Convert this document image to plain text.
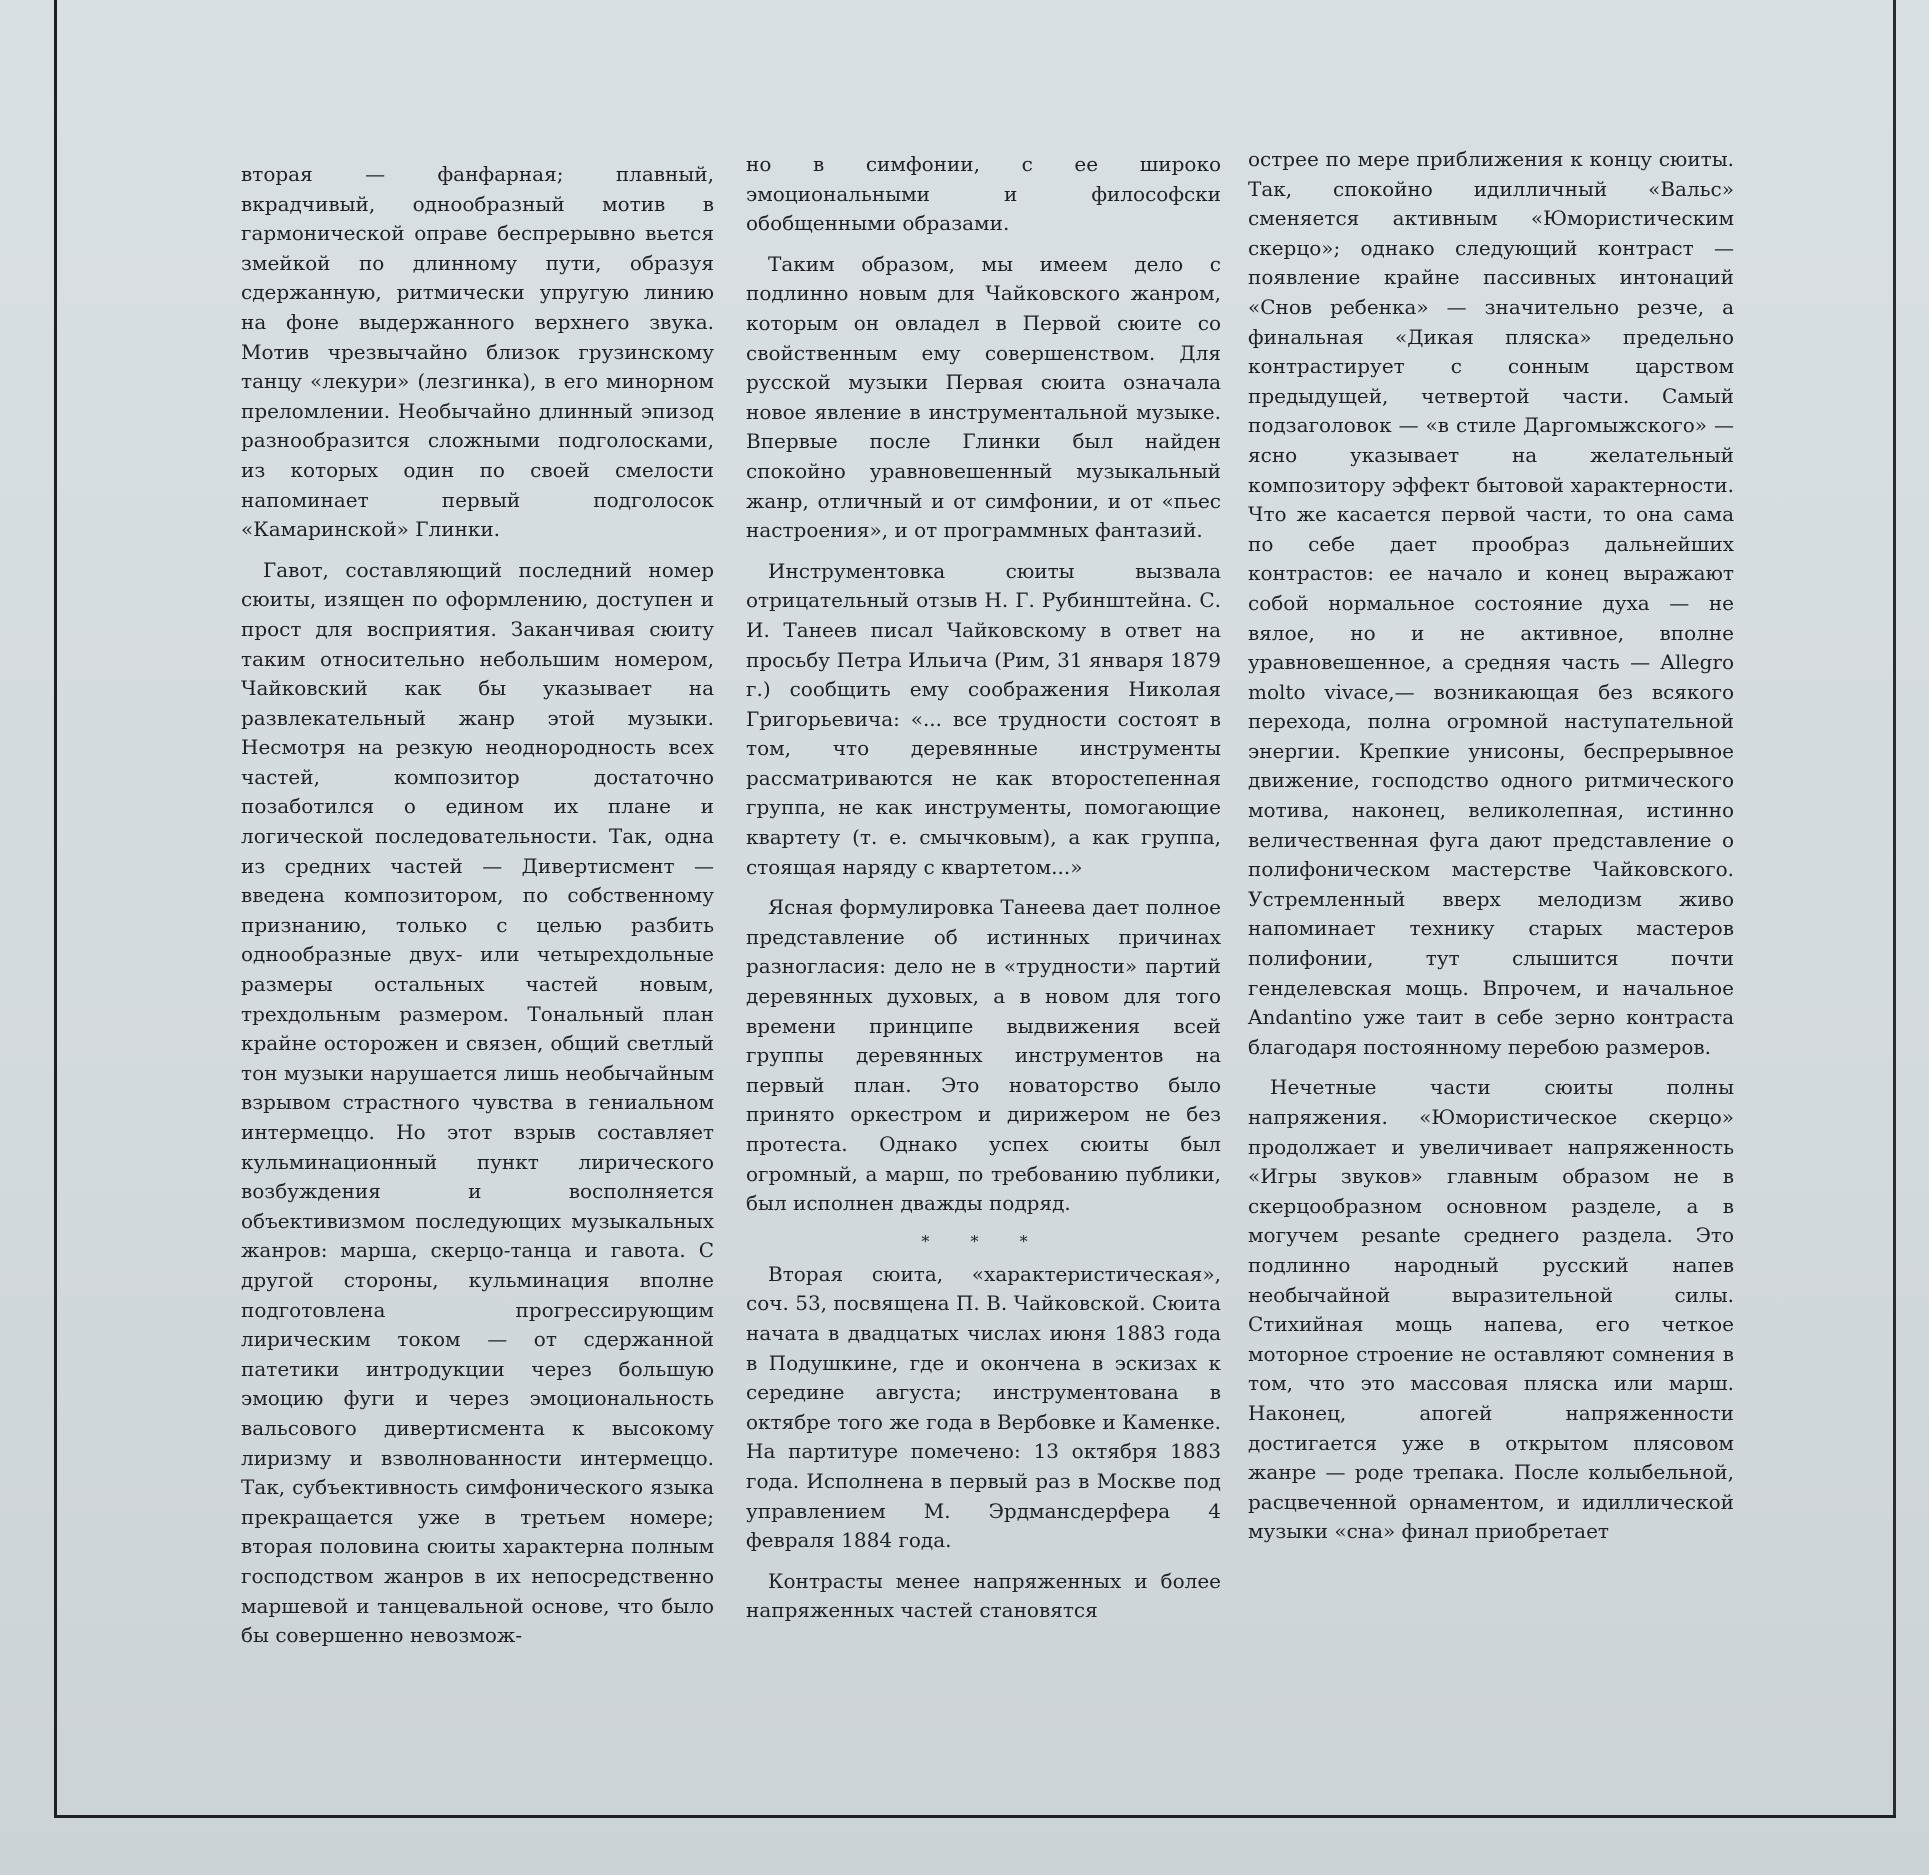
вторая — фанфарная; плавный, вкрадчивый, однообразный мотив в гармонической оправе беспрерывно вьется змейкой по длинному пути, образуя сдержанную, ритмически упругую линию на фоне выдержанного верхнего звука. Мотив чрезвычайно близок грузинскому танцу «лекури» (лезгинка), в его минорном преломлении. Необычайно длинный эпизод разнообразится сложными подголосками, из которых один по своей смелости напоминает первый подголосок «Камаринской» Глинки.

Гавот, составляющий последний номер сюиты, изящен по оформлению, доступен и прост для восприятия. Заканчивая сюиту таким относительно небольшим номером, Чайковский как бы указывает на развлекательный жанр этой музыки. Несмотря на резкую неоднородность всех частей, композитор достаточно позаботился о едином их плане и логической последовательности. Так, одна из средних частей — Дивертисмент — введена композитором, по собственному признанию, только с целью разбить однообразные двух- или четырехдольные размеры остальных частей новым, трехдольным размером. Тональный план крайне осторожен и связен, общий светлый тон музыки нарушается лишь необычайным взрывом страстного чувства в гениальном интермеццо. Но этот взрыв составляет кульминационный пункт лирического возбуждения и восполняется объективизмом последующих музыкальных жанров: марша, скерцо-танца и гавота. С другой стороны, кульминация вполне подготовлена прогрессирующим лирическим током — от сдержанной патетики интродукции через большую эмоцию фуги и через эмоциональность вальсового дивертисмента к высокому лиризму и взволнованности интермеццо. Так, субъективность симфонического языка прекращается уже в третьем номере; вторая половина сюиты характерна полным господством жанров в их непосредственно маршевой и танцевальной основе, что было бы совершенно невозмож-

но в симфонии, с ее широко эмоциональными и философски обобщенными образами.

Таким образом, мы имеем дело с подлинно новым для Чайковского жанром, которым он овладел в Первой сюите со свойственным ему совершенством. Для русской музыки Первая сюита означала новое явление в инструментальной музыке. Впервые после Глинки был найден спокойно уравновешенный музыкальный жанр, отличный и от симфонии, и от «пьес настроения», и от программных фантазий.

Инструментовка сюиты вызвала отрицательный отзыв Н. Г. Рубинштейна. С. И. Танеев писал Чайковскому в ответ на просьбу Петра Ильича (Рим, 31 января 1879 г.) сообщить ему соображения Николая Григорьевича: «... все трудности состоят в том, что деревянные инструменты рассматриваются не как второстепенная группа, не как инструменты, помогающие квартету (т. е. смычковым), а как группа, стоящая наряду с квартетом...»

Ясная формулировка Танеева дает полное представление об истинных причинах разногласия: дело не в «трудности» партий деревянных духовых, а в новом для того времени принципе выдвижения всей группы деревянных инструментов на первый план. Это новаторство было принято оркестром и дирижером не без протеста. Однако успех сюиты был огромный, а марш, по требованию публики, был исполнен дважды подряд.

* * *

Вторая сюита, «характеристическая», соч. 53, посвящена П. В. Чайковской. Сюита начата в двадцатых числах июня 1883 года в Подушкине, где и окончена в эскизах к середине августа; инструментована в октябре того же года в Вербовке и Каменке. На партитуре помечено: 13 октября 1883 года. Исполнена в первый раз в Москве под управлением М. Эрдмансдерфера 4 февраля 1884 года.

Контрасты менее напряженных и более напряженных частей становятся

острее по мере приближения к концу сюиты. Так, спокойно идилличный «Вальс» сменяется активным «Юмористическим скерцо»; однако следующий контраст — появление крайне пассивных интонаций «Снов ребенка» — значительно резче, а финальная «Дикая пляска» предельно контрастирует с сонным царством предыдущей, четвертой части. Самый подзаголовок — «в стиле Даргомыжского» — ясно указывает на желательный композитору эффект бытовой характерности. Что же касается первой части, то она сама по себе дает прообраз дальнейших контрастов: ее начало и конец выражают собой нормальное состояние духа — не вялое, но и не активное, вполне уравновешенное, а средняя часть — Allegro molto vivace,— возникающая без всякого перехода, полна огромной наступательной энергии. Крепкие унисоны, беспрерывное движение, господство одного ритмического мотива, наконец, великолепная, истинно величественная фуга дают представление о полифоническом мастерстве Чайковского. Устремленный вверх мелодизм живо напоминает технику старых мастеров полифонии, тут слышится почти генделевская мощь. Впрочем, и начальное Andantino уже таит в себе зерно контраста благодаря постоянному перебою размеров.

Нечетные части сюиты полны напряжения. «Юмористическое скерцо» продолжает и увеличивает напряженность «Игры звуков» главным образом не в скерцообразном основном разделе, а в могучем pesante среднего раздела. Это подлинно народный русский напев необычайной выразительной силы. Стихийная мощь напева, его четкое моторное строение не оставляют сомнения в том, что это массовая пляска или марш. Наконец, апогей напряженности достигается уже в открытом плясовом жанре — роде трепака. После колыбельной, расцвеченной орнаментом, и идиллической музыки «сна» финал приобретает
